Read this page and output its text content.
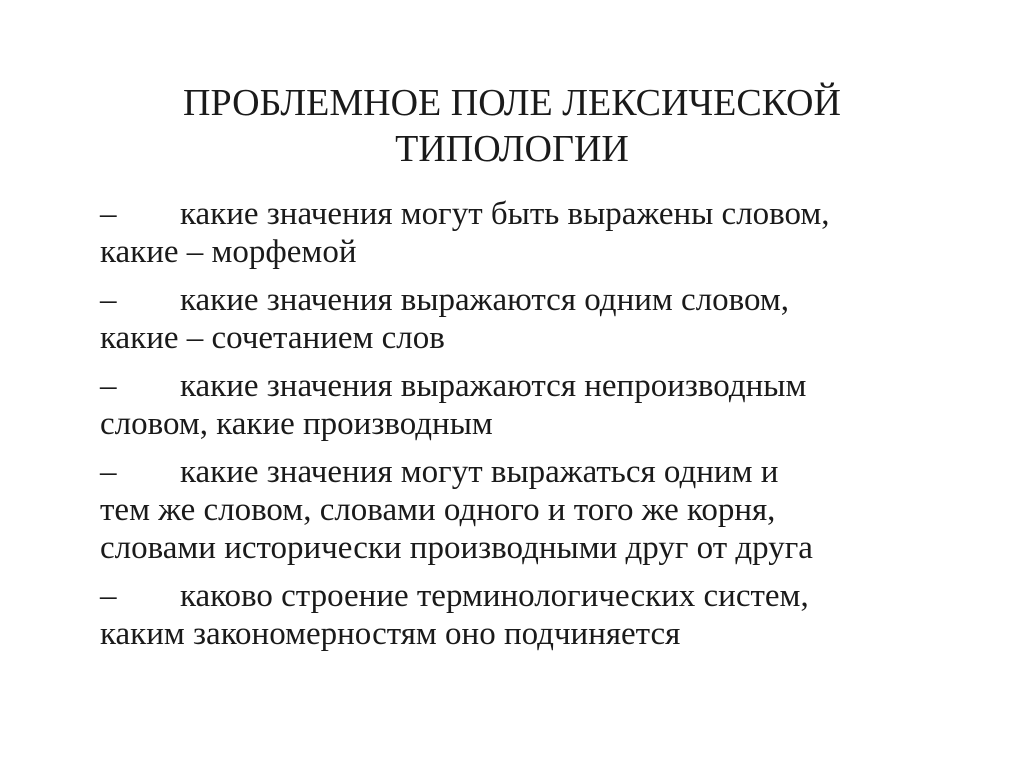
ПРОБЛЕМНОЕ ПОЛЕ ЛЕКСИЧЕСКОЙ
ТИПОЛОГИИ
–	какие значения могут быть выражены словом,
какие – морфемой
–	какие значения выражаются одним словом,
какие – сочетанием слов
–	какие значения выражаются непроизводным
словом, какие производным
–	какие значения могут выражаться одним и
тем же словом, словами одного и того же корня,
словами исторически производными друг от друга
–	каково строение терминологических систем,
каким закономерностям оно подчиняется
